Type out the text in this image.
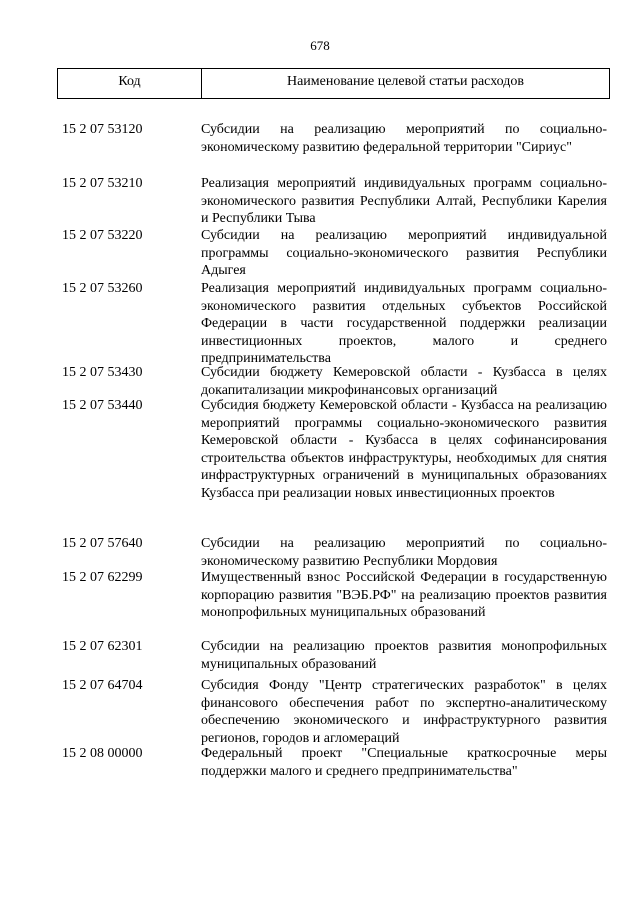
678
Код	Наименование целевой статьи расходов
15 2 07 53120	Субсидии на реализацию мероприятий по социально-экономическому развитию федеральной территории "Сириус"
15 2 07 53210	Реализация мероприятий индивидуальных программ социально-экономического развития Республики Алтай, Республики Карелия и Республики Тыва
15 2 07 53220	Субсидии на реализацию мероприятий индивидуальной программы социально-экономического развития Республики Адыгея
15 2 07 53260	Реализация мероприятий индивидуальных программ социально-экономического развития отдельных субъектов Российской Федерации в части государственной поддержки реализации инвестиционных проектов, малого и среднего предпринимательства
15 2 07 53430	Субсидии бюджету Кемеровской области - Кузбасса в целях докапитализации микрофинансовых организаций
15 2 07 53440	Субсидия бюджету Кемеровской области - Кузбасса на реализацию мероприятий программы социально-экономического развития Кемеровской области - Кузбасса в целях софинансирования строительства объектов инфраструктуры, необходимых для снятия инфраструктурных ограничений в муниципальных образованиях Кузбасса при реализации новых инвестиционных проектов
15 2 07 57640	Субсидии на реализацию мероприятий по социально-экономическому развитию Республики Мордовия
15 2 07 62299	Имущественный взнос Российской Федерации в государственную корпорацию развития "ВЭБ.РФ" на реализацию проектов развития монопрофильных муниципальных образований
15 2 07 62301	Субсидии на реализацию проектов развития монопрофильных муниципальных образований
15 2 07 64704	Субсидия Фонду "Центр стратегических разработок" в целях финансового обеспечения работ по экспертно-аналитическому обеспечению экономического и инфраструктурного развития регионов, городов и агломераций
15 2 08 00000	Федеральный проект "Специальные краткосрочные меры поддержки малого и среднего предпринимательства"
